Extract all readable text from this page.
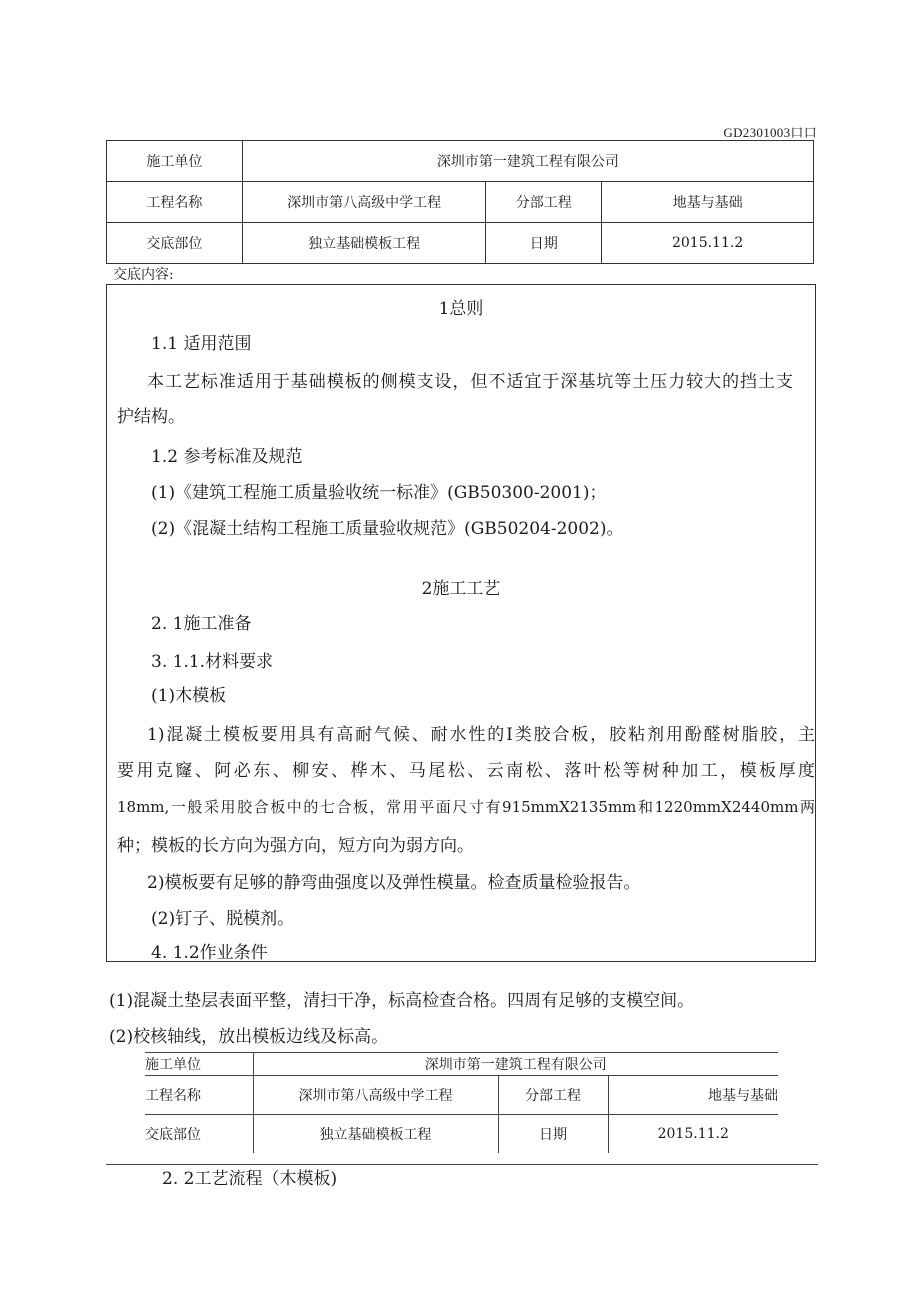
GD2301003口口
施工单位	深圳市第一建筑工程有限公司		
工程名称	深圳市第八高级中学工程	分部工程	地基与基础
交底部位	独立基础模板工程	日期	2015.11.2
交底内容:
1总则
1.1 适用范围
本工艺标准适用于基础模板的侧模支设，但不适宜于深基坑等土压力较大的挡土支
护结构。
1.2 参考标准及规范
(1)《建筑工程施工质量验收统一标准》(GB50300-2001)；
(2)《混凝土结构工程施工质量验收规范》(GB50204-2002)。
2施工工艺
2. 1施工准备
3. 1.1.材料要求
(1)木模板
1)混凝土模板要用具有高耐气候、耐水性的Ⅰ类胶合板，胶粘剂用酚醛树脂胶，主
要用克窿、阿必东、柳安、桦木、马尾松、云南松、落叶松等树种加工，模板厚度
18mm,一般采用胶合板中的七合板，常用平面尺寸有915mmX2135mm和1220mmX2440mm两
种；模板的长方向为强方向，短方向为弱方向。
2)模板要有足够的静弯曲强度以及弹性模量。检查质量检验报告。
(2)钉子、脱模剂。
4. 1.2作业条件
(1)混凝土垫层表面平整，清扫干净，标高检查合格。四周有足够的支模空间。
(2)校核轴线，放出模板边线及标高。
施工单位	深圳市第一建筑工程有限公司		
工程名称	深圳市第八高级中学工程	分部工程	地基与基础
交底部位	独立基础模板工程	日期	2015.11.2
2. 2工艺流程（木模板)
